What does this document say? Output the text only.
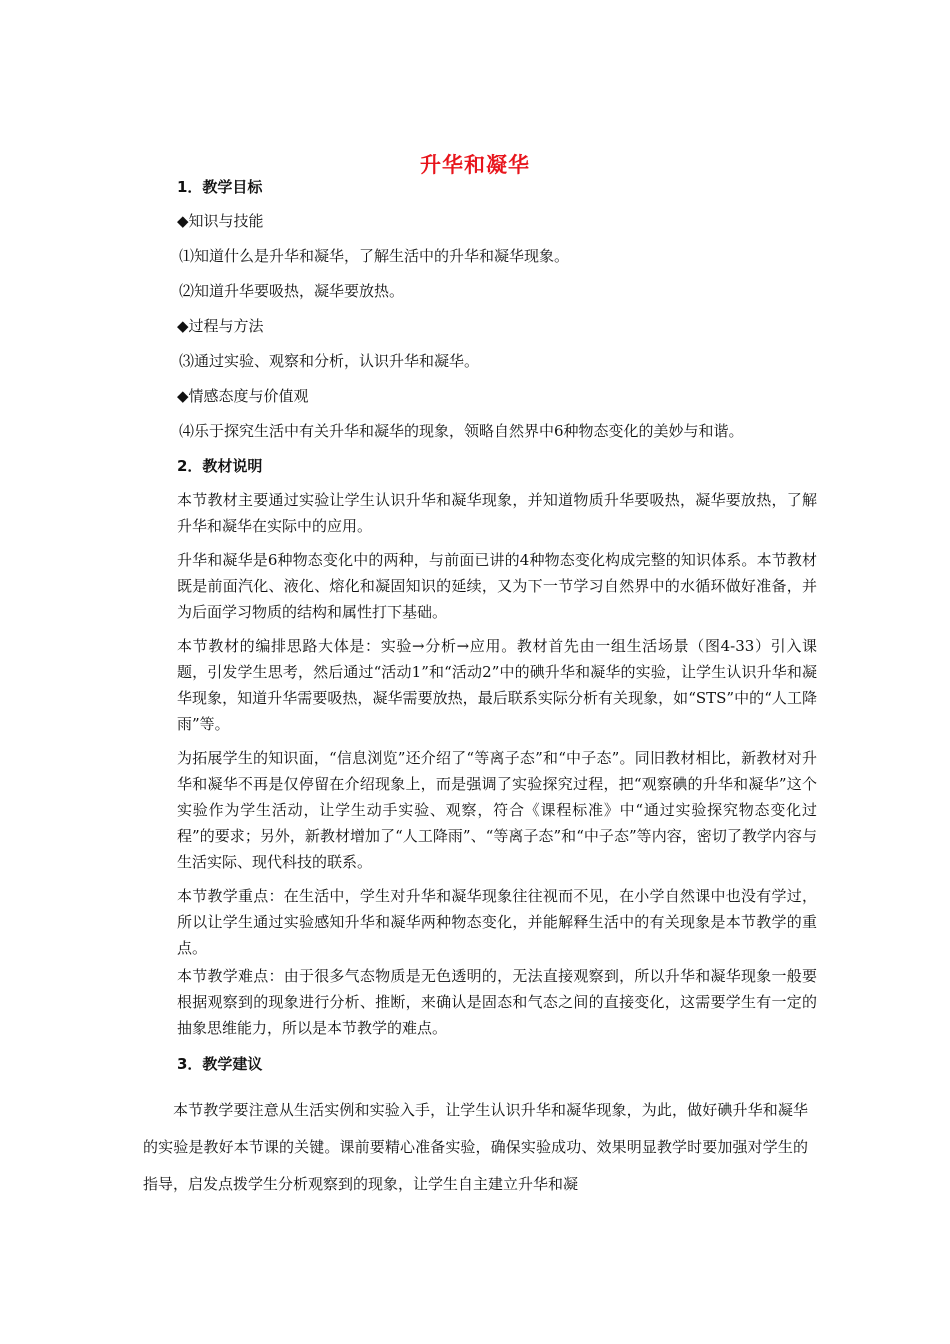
升华和凝华
1．教学目标
◆知识与技能
⑴知道什么是升华和凝华，了解生活中的升华和凝华现象。
⑵知道升华要吸热，凝华要放热。
◆过程与方法
⑶通过实验、观察和分析，认识升华和凝华。
◆情感态度与价值观
⑷乐于探究生活中有关升华和凝华的现象，领略自然界中6种物态变化的美妙与和谐。
2．教材说明
本节教材主要通过实验让学生认识升华和凝华现象，并知道物质升华要吸热，凝华要放热，了解升华和凝华在实际中的应用。
升华和凝华是6种物态变化中的两种，与前面已讲的4种物态变化构成完整的知识体系。本节教材既是前面汽化、液化、熔化和凝固知识的延续，又为下一节学习自然界中的水循环做好准备，并为后面学习物质的结构和属性打下基础。
本节教材的编排思路大体是：实验→分析→应用。教材首先由一组生活场景（图4-33）引入课题，引发学生思考，然后通过“活动1”和“活动2”中的碘升华和凝华的实验，让学生认识升华和凝华现象，知道升华需要吸热，凝华需要放热，最后联系实际分析有关现象，如“STS”中的“人工降雨”等。
为拓展学生的知识面，“信息浏览”还介绍了“等离子态”和“中子态”。同旧教材相比，新教材对升华和凝华不再是仅停留在介绍现象上，而是强调了实验探究过程，把“观察碘的升华和凝华”这个实验作为学生活动，让学生动手实验、观察，符合《课程标准》中“通过实验探究物态变化过程”的要求；另外，新教材增加了“人工降雨”、“等离子态”和“中子态”等内容，密切了教学内容与生活实际、现代科技的联系。
本节教学重点：在生活中，学生对升华和凝华现象往往视而不见，在小学自然课中也没有学过，所以让学生通过实验感知升华和凝华两种物态变化，并能解释生活中的有关现象是本节教学的重点。
本节教学难点：由于很多气态物质是无色透明的，无法直接观察到，所以升华和凝华现象一般要根据观察到的现象进行分析、推断，来确认是固态和气态之间的直接变化，这需要学生有一定的抽象思维能力，所以是本节教学的难点。
3．教学建议
本节教学要注意从生活实例和实验入手，让学生认识升华和凝华现象，为此，做好碘升华和凝华的实验是教好本节课的关键。课前要精心准备实验，确保实验成功、效果明显教学时要加强对学生的指导，启发点拨学生分析观察到的现象，让学生自主建立升华和凝
